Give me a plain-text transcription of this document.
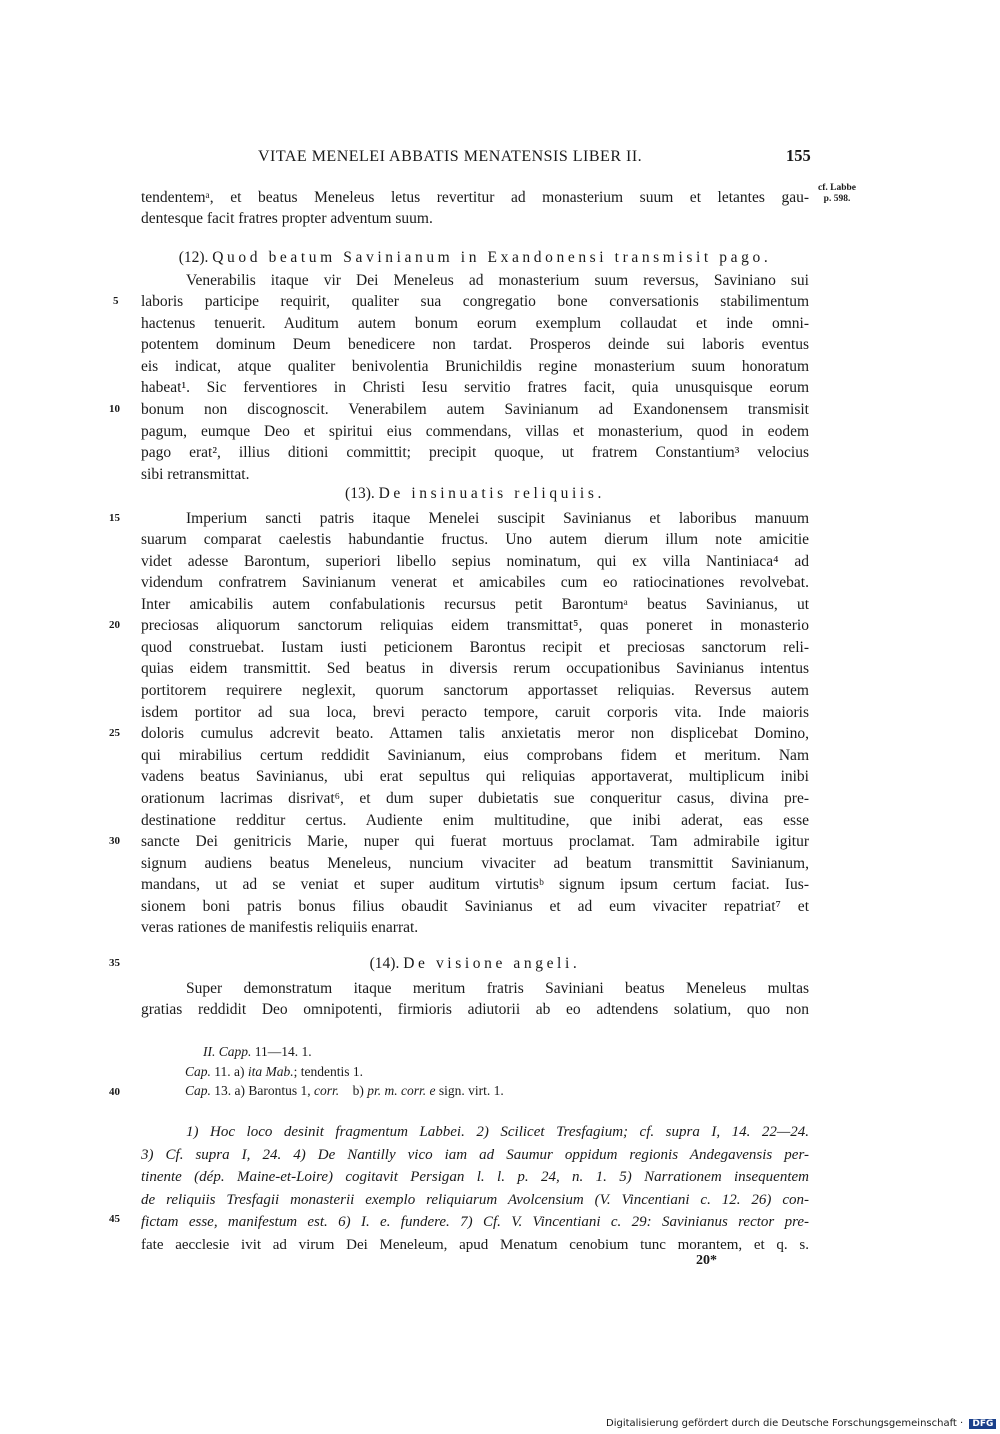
VITAE MENELEI ABBATIS MENATENSIS LIBER II.	155
cf. Labbe
p. 598.
tendentemᵃ, et beatus Meneleus letus revertitur ad monasterium suum et letantes gau-
dentesque facit fratres propter adventum suum.
(12). Quod beatum Savinianum in Exandonensi transmisit pago.
Venerabilis itaque vir Dei Meneleus ad monasterium suum reversus, Saviniano sui
laboris participe requirit, qualiter sua congregatio bone conversationis stabilimentum
hactenus tenuerit. Auditum autem bonum eorum exemplum collaudat et inde omni-
potentem dominum Deum benedicere non tardat. Prosperos deinde sui laboris eventus
eis indicat, atque qualiter benivolentia Brunichildis regine monasterium suum honoratum
habeat¹. Sic ferventiores in Christi Iesu servitio fratres facit, quia unusquisque eorum
bonum non discognoscit. Venerabilem autem Savinianum ad Exandonensem transmisit
pagum, eumque Deo et spiritui eius commendans, villas et monasterium, quod in eodem
pago erat², illius ditioni committit; precipit quoque, ut fratrem Constantium³ velocius
sibi retransmittat.
(13). De insinuatis reliquiis.
Imperium sancti patris itaque Menelei suscipit Savinianus et laboribus manuum
suarum comparat caelestis habundantie fructus. Uno autem dierum illum note amicitie
videt adesse Barontum, superiori libello sepius nominatum, qui ex villa Nantiniaca⁴ ad
videndum confratrem Savinianum venerat et amicabiles cum eo ratiocinationes revolvebat.
Inter amicabilis autem confabulationis recursus petit Barontumᵃ beatus Savinianus, ut
preciosas aliquorum sanctorum reliquias eidem transmittat⁵, quas poneret in monasterio
quod construebat. Iustam iusti peticionem Barontus recipit et preciosas sanctorum reli-
quias eidem transmittit. Sed beatus in diversis rerum occupationibus Savinianus intentus
portitorem requirere neglexit, quorum sanctorum apportasset reliquias. Reversus autem
isdem portitor ad sua loca, brevi peracto tempore, caruit corporis vita. Inde maioris
doloris cumulus adcrevit beato. Attamen talis anxietatis meror non displicebat Domino,
qui mirabilius certum reddidit Savinianum, eius comprobans fidem et meritum. Nam
vadens beatus Savinianus, ubi erat sepultus qui reliquias apportaverat, multiplicum inibi
orationum lacrimas disrivat⁶, et dum super dubietatis sue conqueritur casus, divina pre-
destinatione redditur certus. Audiente enim multitudine, que inibi aderat, eas esse
sancte Dei genitricis Marie, nuper qui fuerat mortuus proclamat. Tam admirabile igitur
signum audiens beatus Meneleus, nuncium vivaciter ad beatum transmittit Savinianum,
mandans, ut ad se veniat et super auditum virtutisᵇ signum ipsum certum faciat. Ius-
sionem boni patris bonus filius obaudit Savinianus et ad eum vivaciter repatriat⁷ et
veras rationes de manifestis reliquiis enarrat.
(14). De visione angeli.
Super demonstratum itaque meritum fratris Saviniani beatus Meneleus multas
gratias reddidit Deo omnipotenti, firmioris adiutorii ab eo adtendens solatium, quo non
5
10
15
20
25
30
35
40
45
II. Capp. 11—14. 1.
Cap. 11. a) ita Mab.; tendentis 1.
Cap. 13. a) Barontus 1, corr. b) pr. m. corr. e sign. virt. 1.
1) Hoc loco desinit fragmentum Labbei. 2) Scilicet Tresfagium; cf. supra I, 14. 22—24.
3) Cf. supra I, 24. 4) De Nantilly vico iam ad Saumur oppidum regionis Andegavensis per-
tinente (dép. Maine-et-Loire) cogitavit Persigan l. l. p. 24, n. 1. 5) Narrationem insequentem
de reliquiis Tresfagii monasterii exemplo reliquiarum Avolcensium (V. Vincentiani c. 12. 26) con-
fictam esse, manifestum est. 6) I. e. fundere. 7) Cf. V. Vincentiani c. 29: Savinianus rector pre-
fate aecclesie ivit ad virum Dei Meneleum, apud Menatum cenobium tunc morantem, et q. s.
20*
Digitalisierung gefördert durch die Deutsche Forschungsgemeinschaft · DFG
